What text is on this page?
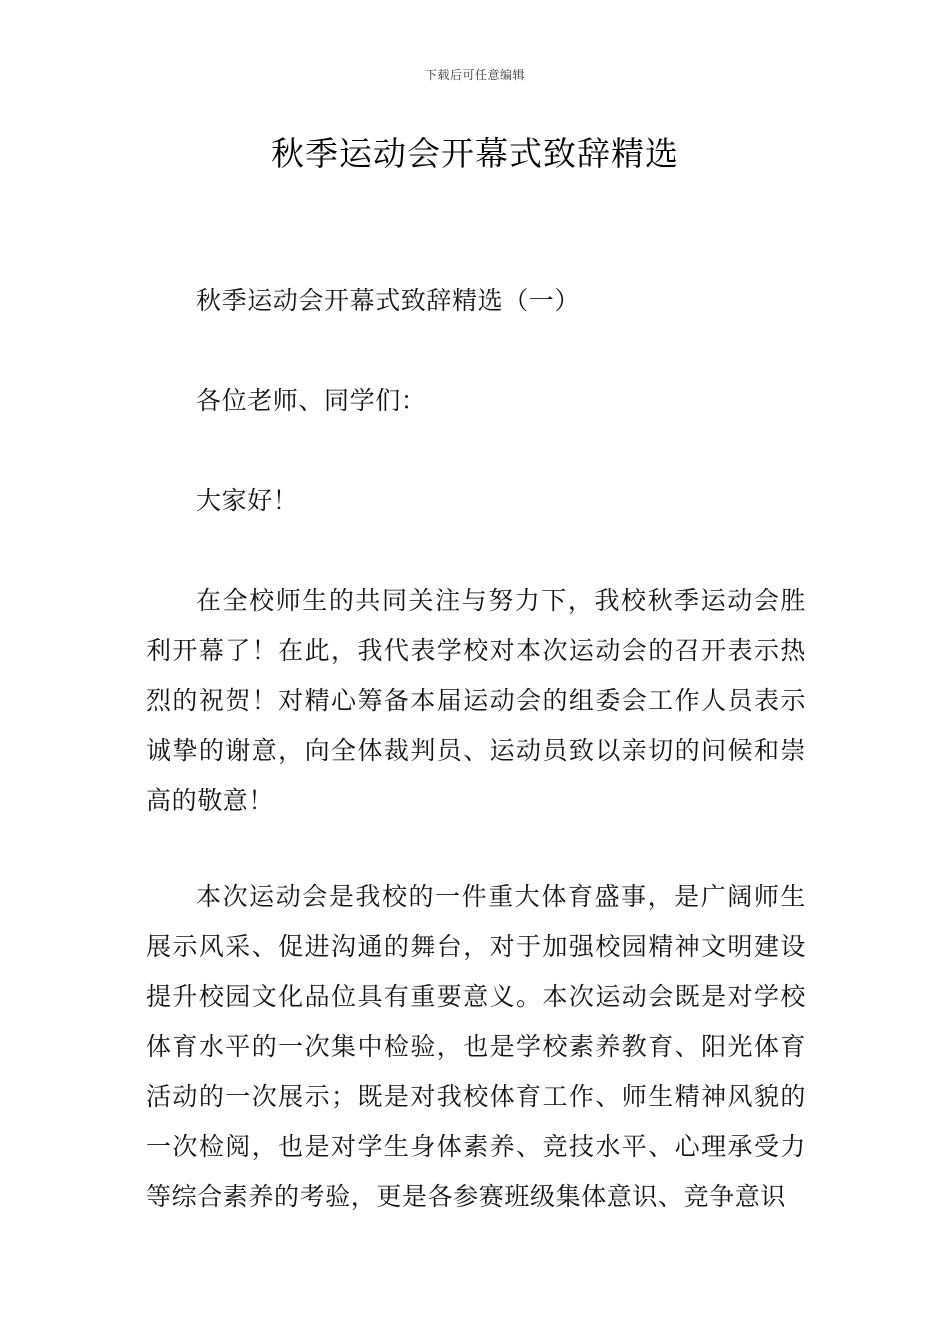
下载后可任意编辑
秋季运动会开幕式致辞精选

秋季运动会开幕式致辞精选（一）

各位老师、同学们：

大家好！

在全校师生的共同关注与努力下，我校秋季运动会胜利开幕了！在此，我代表学校对本次运动会的召开表示热烈的祝贺！对精心筹备本届运动会的组委会工作人员表示诚挚的谢意，向全体裁判员、运动员致以亲切的问候和崇高的敬意！

本次运动会是我校的一件重大体育盛事，是广阔师生展示风采、促进沟通的舞台，对于加强校园精神文明建设提升校园文化品位具有重要意义。本次运动会既是对学校体育水平的一次集中检验，也是学校素养教育、阳光体育活动的一次展示；既是对我校体育工作、师生精神风貌的一次检阅，也是对学生身体素养、竞技水平、心理承受力等综合素养的考验，更是各参赛班级集体意识、竞争意识
